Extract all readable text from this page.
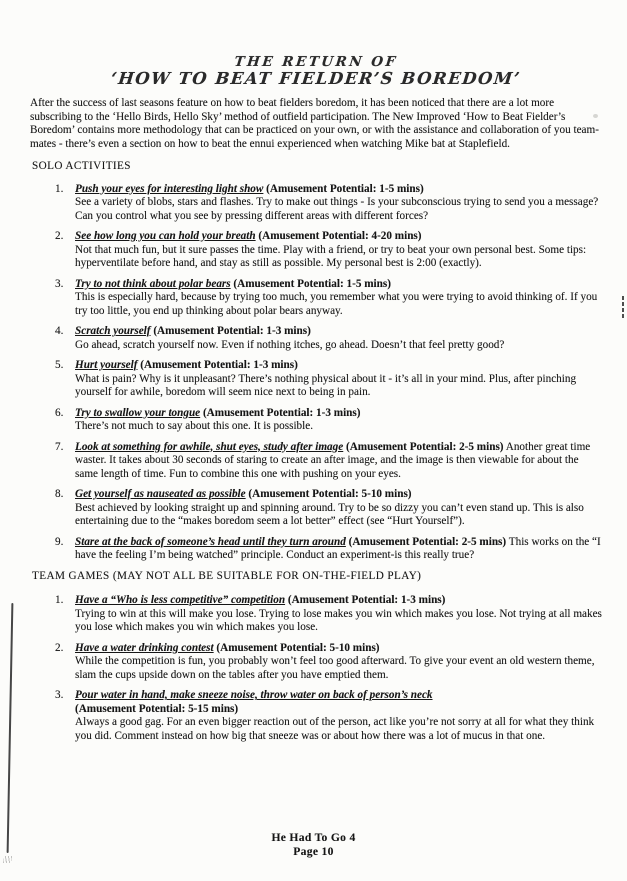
THE RETURN OF
‘HOW TO BEAT FIELDER’S BOREDOM’

After the success of last seasons feature on how to beat fielders boredom, it has been noticed that there are a lot more subscribing to the ‘Hello Birds, Hello Sky’ method of outfield participation. The New Improved ‘How to Beat Fielder’s Boredom’ contains more methodology that can be practiced on your own, or with the assistance and collaboration of you team-mates - there’s even a section on how to beat the ennui experienced when watching Mike bat at Staplefield.

SOLO ACTIVITIES
1. Push your eyes for interesting light show (Amusement Potential: 1-5 mins)
See a variety of blobs, stars and flashes. Try to make out things - Is your subconscious trying to send you a message? Can you control what you see by pressing different areas with different forces?
2. See how long you can hold your breath (Amusement Potential: 4-20 mins)
Not that much fun, but it sure passes the time. Play with a friend, or try to beat your own personal best. Some tips: hyperventilate before hand, and stay as still as possible. My personal best is 2:00 (exactly).
3. Try to not think about polar bears (Amusement Potential: 1-5 mins)
This is especially hard, because by trying too much, you remember what you were trying to avoid thinking of. If you try too little, you end up thinking about polar bears anyway.
4. Scratch yourself (Amusement Potential: 1-3 mins)
Go ahead, scratch yourself now. Even if nothing itches, go ahead. Doesn’t that feel pretty good?
5. Hurt yourself (Amusement Potential: 1-3 mins)
What is pain? Why is it unpleasant? There’s nothing physical about it - it’s all in your mind. Plus, after pinching yourself for awhile, boredom will seem nice next to being in pain.
6. Try to swallow your tongue (Amusement Potential: 1-3 mins)
There’s not much to say about this one. It is possible.
7. Look at something for awhile, shut eyes, study after image (Amusement Potential: 2-5 mins) Another great time waster. It takes about 30 seconds of staring to create an after image, and the image is then viewable for about the same length of time. Fun to combine this one with pushing on your eyes.
8. Get yourself as nauseated as possible (Amusement Potential: 5-10 mins)
Best achieved by looking straight up and spinning around. Try to be so dizzy you can’t even stand up. This is also entertaining due to the “makes boredom seem a lot better” effect (see “Hurt Yourself”).
9. Stare at the back of someone’s head until they turn around (Amusement Potential: 2-5 mins) This works on the “I have the feeling I’m being watched” principle. Conduct an experiment-is this really true?
TEAM GAMES (MAY NOT ALL BE SUITABLE FOR ON-THE-FIELD PLAY)
1. Have a “Who is less competitive” competition (Amusement Potential: 1-3 mins)
Trying to win at this will make you lose. Trying to lose makes you win which makes you lose. Not trying at all makes you lose which makes you win which makes you lose.
2. Have a water drinking contest (Amusement Potential: 5-10 mins)
While the competition is fun, you probably won’t feel too good afterward. To give your event an old western theme, slam the cups upside down on the tables after you have emptied them.
3. Pour water in hand, make sneeze noise, throw water on back of person’s neck
(Amusement Potential: 5-15 mins)
Always a good gag. For an even bigger reaction out of the person, act like you’re not sorry at all for what they think you did. Comment instead on how big that sneeze was or about how there was a lot of mucus in that one.
He Had To Go 4
Page 10
